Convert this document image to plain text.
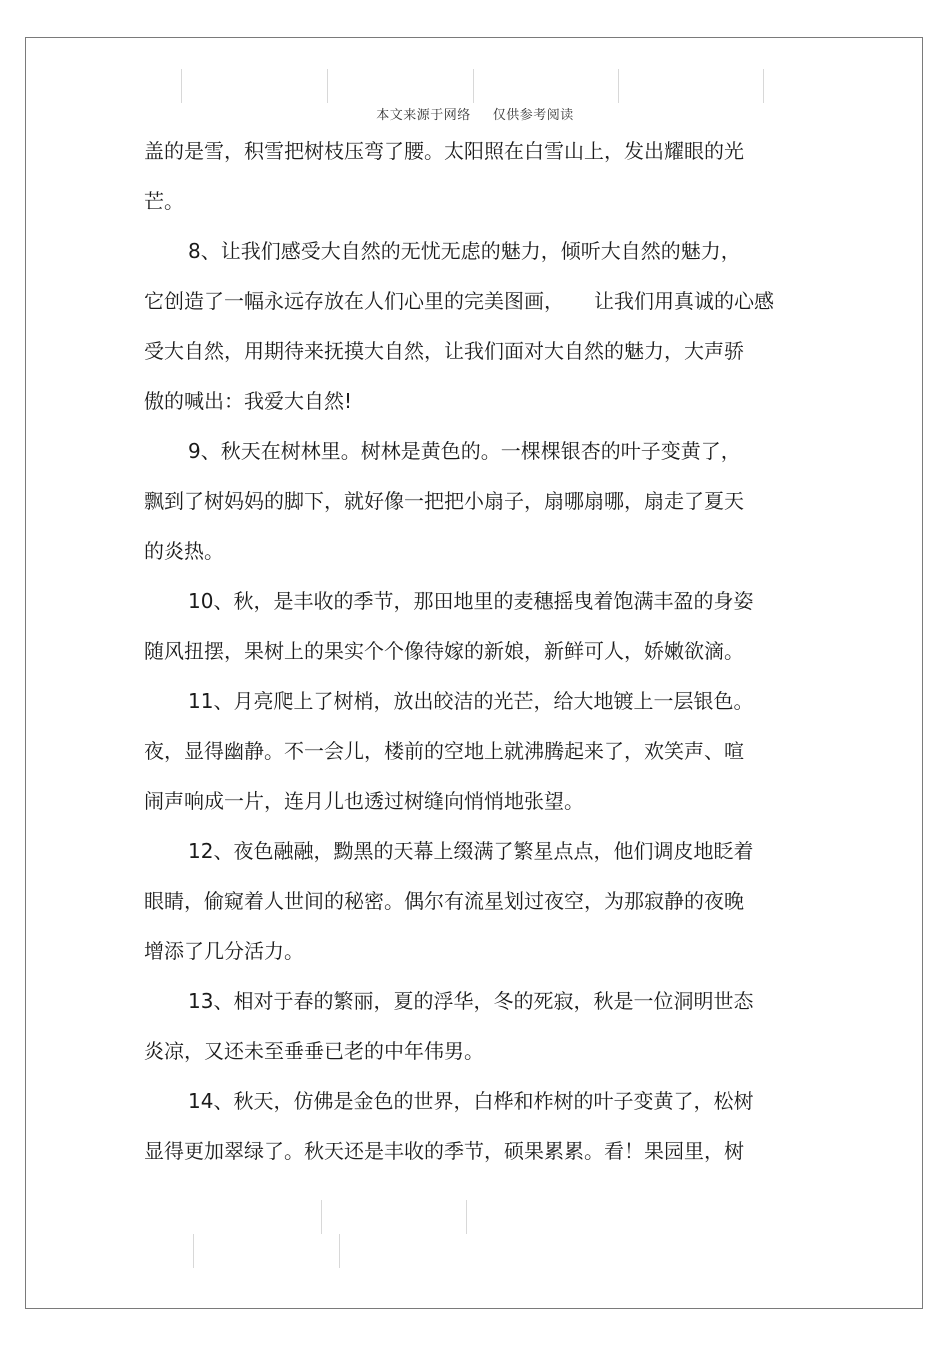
本文来源于网络 仅供参考阅读
盖的是雪，积雪把树枝压弯了腰。太阳照在白雪山上，发出耀眼的光
芒。
8、让我们感受大自然的无忧无虑的魅力，倾听大自然的魅力，
它创造了一幅永远存放在人们心里的完美图画，　　让我们用真诚的心感
受大自然，用期待来抚摸大自然，让我们面对大自然的魅力，大声骄
傲的喊出：我爱大自然!
9、秋天在树林里。树林是黄色的。一棵棵银杏的叶子变黄了，
飘到了树妈妈的脚下，就好像一把把小扇子，扇哪扇哪，扇走了夏天
的炎热。
10、秋，是丰收的季节，那田地里的麦穗摇曳着饱满丰盈的身姿
随风扭摆，果树上的果实个个像待嫁的新娘，新鲜可人，娇嫩欲滴。
11、月亮爬上了树梢，放出皎洁的光芒，给大地镀上一层银色。
夜，显得幽静。不一会儿，楼前的空地上就沸腾起来了，欢笑声、喧
闹声响成一片，连月儿也透过树缝向悄悄地张望。
12、夜色融融，黝黑的天幕上缀满了繁星点点，他们调皮地眨着
眼睛，偷窥着人世间的秘密。偶尔有流星划过夜空，为那寂静的夜晚
增添了几分活力。
13、相对于春的繁丽，夏的浮华，冬的死寂，秋是一位洞明世态
炎凉，又还未至垂垂已老的中年伟男。
14、秋天，仿佛是金色的世界，白桦和柞树的叶子变黄了，松树
显得更加翠绿了。秋天还是丰收的季节，硕果累累。看！果园里，树
